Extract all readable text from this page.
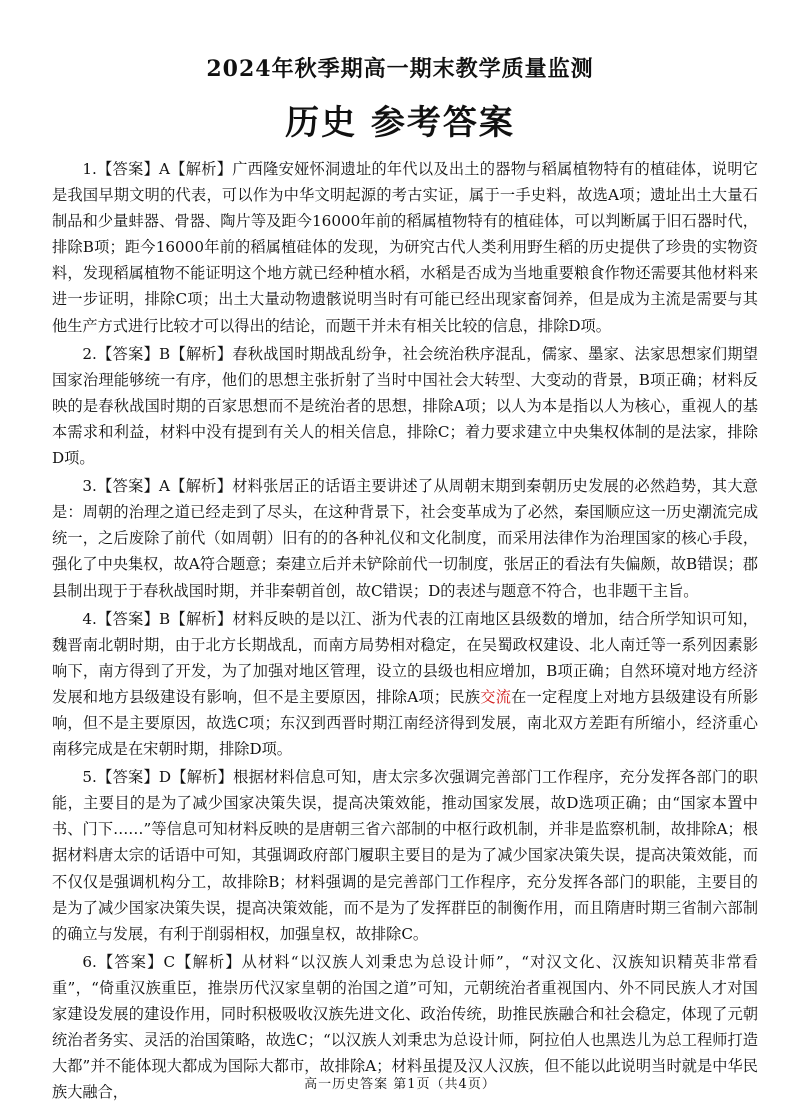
2024年秋季期高一期末教学质量监测
历史 参考答案

1.【答案】A【解析】广西隆安娅怀洞遗址的年代以及出土的器物与稻属植物特有的植硅体，说明它是我国早期文明的代表，可以作为中华文明起源的考古实证，属于一手史料，故选A项；遗址出土大量石制品和少量蚌器、骨器、陶片等及距今16000年前的稻属植物特有的植硅体，可以判断属于旧石器时代，排除B项；距今16000年前的稻属植硅体的发现，为研究古代人类利用野生稻的历史提供了珍贵的实物资料，发现稻属植物不能证明这个地方就已经种植水稻，水稻是否成为当地重要粮食作物还需要其他材料来进一步证明，排除C项；出土大量动物遗骸说明当时有可能已经出现家畜饲养，但是成为主流是需要与其他生产方式进行比较才可以得出的结论，而题干并未有相关比较的信息，排除D项。

2.【答案】B【解析】春秋战国时期战乱纷争，社会统治秩序混乱，儒家、墨家、法家思想家们期望国家治理能够统一有序，他们的思想主张折射了当时中国社会大转型、大变动的背景，B项正确；材料反映的是春秋战国时期的百家思想而不是统治者的思想，排除A项；以人为本是指以人为核心，重视人的基本需求和利益，材料中没有提到有关人的相关信息，排除C；着力要求建立中央集权体制的是法家，排除D项。

3.【答案】A【解析】材料张居正的话语主要讲述了从周朝末期到秦朝历史发展的必然趋势，其大意是：周朝的治理之道已经走到了尽头，在这种背景下，社会变革成为了必然，秦国顺应这一历史潮流完成统一，之后废除了前代（如周朝）旧有的的各种礼仪和文化制度，而采用法律作为治理国家的核心手段，强化了中央集权，故A符合题意；秦建立后并未铲除前代一切制度，张居正的看法有失偏颇，故B错误；郡县制出现于于春秋战国时期，并非秦朝首创，故C错误；D的表述与题意不符合，也非题干主旨。

4.【答案】B【解析】材料反映的是以江、浙为代表的江南地区县级数的增加，结合所学知识可知，魏晋南北朝时期，由于北方长期战乱，而南方局势相对稳定，在吴蜀政权建设、北人南迁等一系列因素影响下，南方得到了开发，为了加强对地区管理，设立的县级也相应增加，B项正确；自然环境对地方经济发展和地方县级建设有影响，但不是主要原因，排除A项；民族交流在一定程度上对地方县级建设有所影响，但不是主要原因，故选C项；东汉到西晋时期江南经济得到发展，南北双方差距有所缩小，经济重心南移完成是在宋朝时期，排除D项。

5.【答案】D【解析】根据材料信息可知，唐太宗多次强调完善部门工作程序，充分发挥各部门的职能，主要目的是为了减少国家决策失误，提高决策效能，推动国家发展，故D选项正确；由“国家本置中书、门下……”等信息可知材料反映的是唐朝三省六部制的中枢行政机制，并非是监察机制，故排除A；根据材料唐太宗的话语中可知，其强调政府部门履职主要目的是为了减少国家决策失误，提高决策效能，而不仅仅是强调机构分工，故排除B；材料强调的是完善部门工作程序，充分发挥各部门的职能，主要目的是为了减少国家决策失误，提高决策效能，而不是为了发挥群臣的制衡作用，而且隋唐时期三省制六部制的确立与发展，有利于削弱相权，加强皇权，故排除C。

6.【答案】C【解析】从材料“以汉族人刘秉忠为总设计师”，“对汉文化、汉族知识精英非常看重”，“倚重汉族重臣，推崇历代汉家皇朝的治国之道”可知，元朝统治者重视国内、外不同民族人才对国家建设发展的建设作用，同时积极吸收汉族先进文化、政治传统，助推民族融合和社会稳定，体现了元朝统治者务实、灵活的治国策略，故选C；“以汉族人刘秉忠为总设计师，阿拉伯人也黑迭儿为总工程师打造大都”并不能体现大都成为国际大都市，故排除A；材料虽提及汉人汉族，但不能以此说明当时就是中华民族大融合，	高一历史答案 第1页（共4页）
